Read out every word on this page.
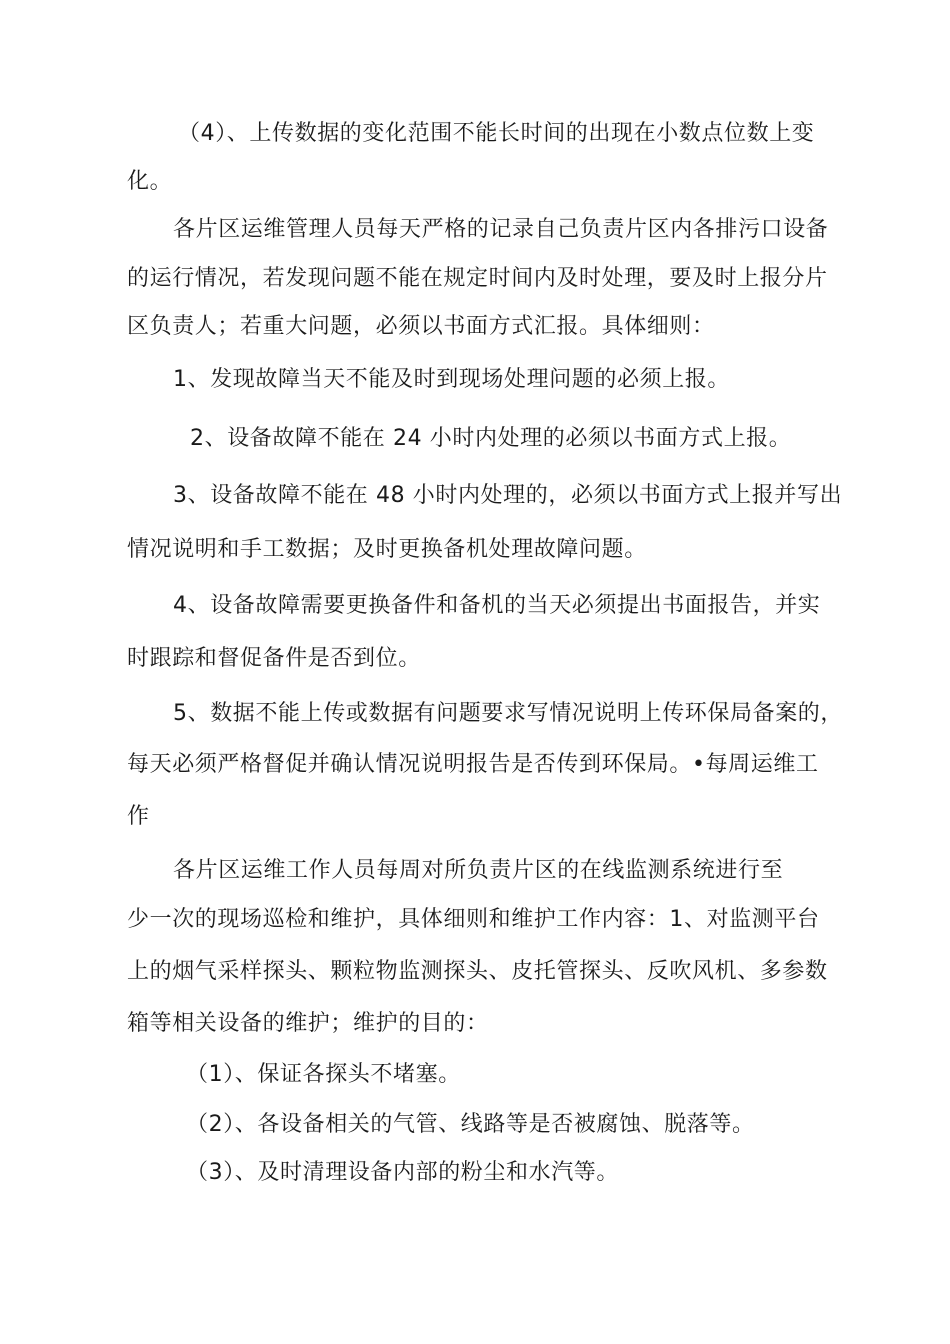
（4）、上传数据的变化范围不能长时间的出现在小数点位数上变
化。
各片区运维管理人员每天严格的记录自己负责片区内各排污口设备
的运行情况，若发现问题不能在规定时间内及时处理，要及时上报分片
区负责人；若重大问题，必须以书面方式汇报。具体细则：
1、发现故障当天不能及时到现场处理问题的必须上报。
2、设备故障不能在 24 小时内处理的必须以书面方式上报。
3、设备故障不能在 48 小时内处理的，必须以书面方式上报并写出
情况说明和手工数据；及时更换备机处理故障问题。
4、设备故障需要更换备件和备机的当天必须提出书面报告，并实
时跟踪和督促备件是否到位。
5、数据不能上传或数据有问题要求写情况说明上传环保局备案的，
每天必须严格督促并确认情况说明报告是否传到环保局。•每周运维工
作
各片区运维工作人员每周对所负责片区的在线监测系统进行至
少一次的现场巡检和维护，具体细则和维护工作内容：1、对监测平台
上的烟气采样探头、颗粒物监测探头、皮托管探头、反吹风机、多参数
箱等相关设备的维护；维护的目的：
（1）、保证各探头不堵塞。
（2）、各设备相关的气管、线路等是否被腐蚀、脱落等。
（3）、及时清理设备内部的粉尘和水汽等。
